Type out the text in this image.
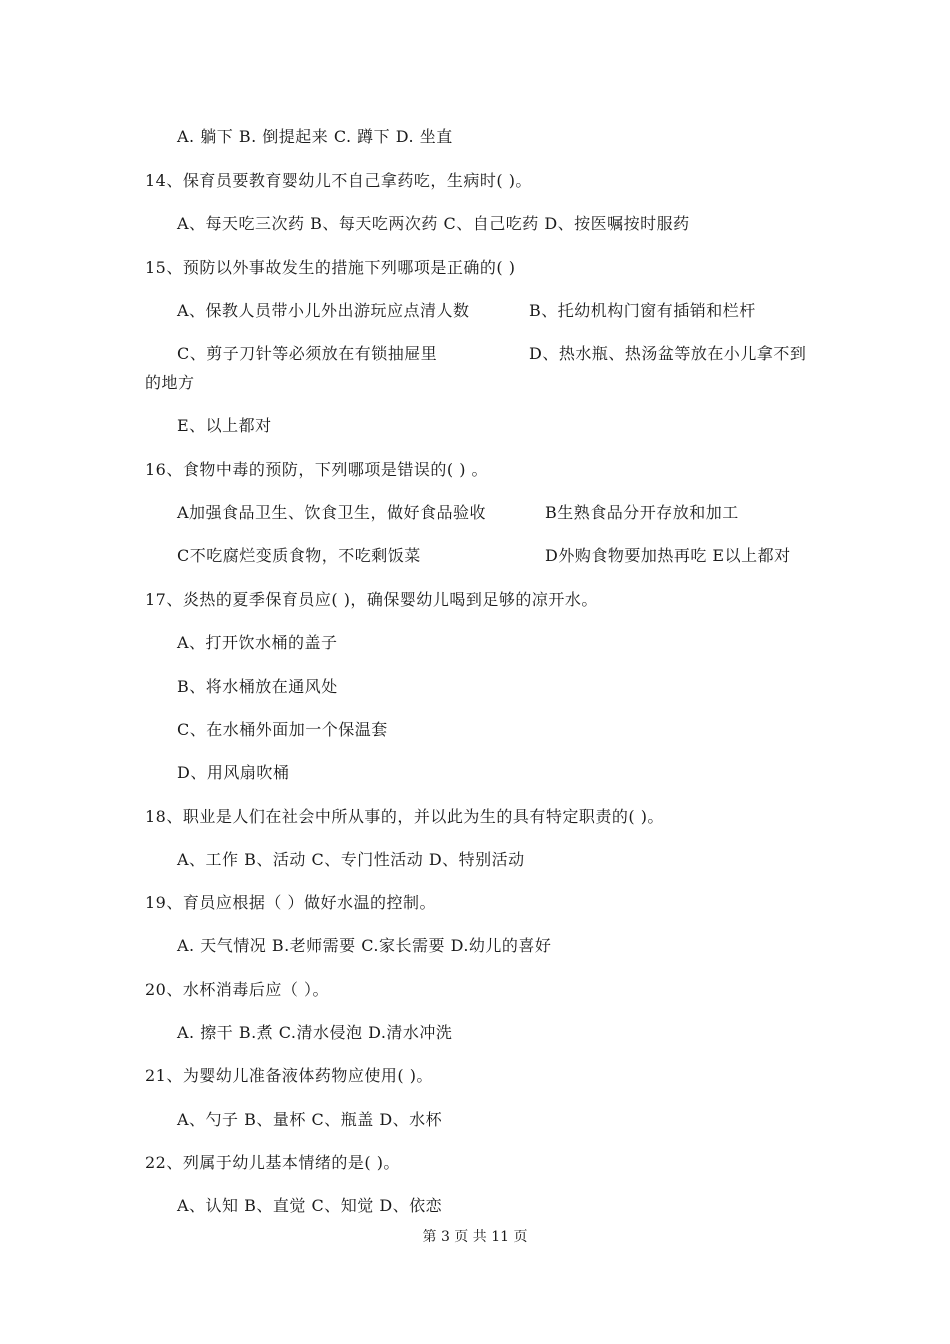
A. 躺下 B. 倒提起来 C. 蹲下 D. 坐直
14、保育员要教育婴幼儿不自己拿药吃，生病时( )。
A、每天吃三次药 B、每天吃两次药 C、自己吃药 D、按医嘱按时服药
15、预防以外事故发生的措施下列哪项是正确的( )
A、保教人员带小儿外出游玩应点清人数	B、托幼机构门窗有插销和栏杆
C、剪子刀针等必须放在有锁抽屉里	D、热水瓶、热汤盆等放在小儿拿不到
的地方
E、以上都对
16、食物中毒的预防，下列哪项是错误的( ) 。
A加强食品卫生、饮食卫生，做好食品验收	B生熟食品分开存放和加工
C不吃腐烂变质食物，不吃剩饭菜	D外购食物要加热再吃 E以上都对
17、炎热的夏季保育员应( )，确保婴幼儿喝到足够的凉开水。
A、打开饮水桶的盖子
B、将水桶放在通风处
C、在水桶外面加一个保温套
D、用风扇吹桶
18、职业是人们在社会中所从事的，并以此为生的具有特定职责的( )。
A、工作 B、活动 C、专门性活动 D、特别活动
19、育员应根据（ ）做好水温的控制。
A. 天气情况 B.老师需要 C.家长需要 D.幼儿的喜好
20、水杯消毒后应（ ）。
A. 擦干 B.煮 C.清水侵泡 D.清水冲洗
21、为婴幼儿准备液体药物应使用( )。
A、勺子 B、量杯 C、瓶盖 D、水杯
22、列属于幼儿基本情绪的是( )。
A、认知 B、直觉 C、知觉 D、依恋
第 3 页 共 11 页
